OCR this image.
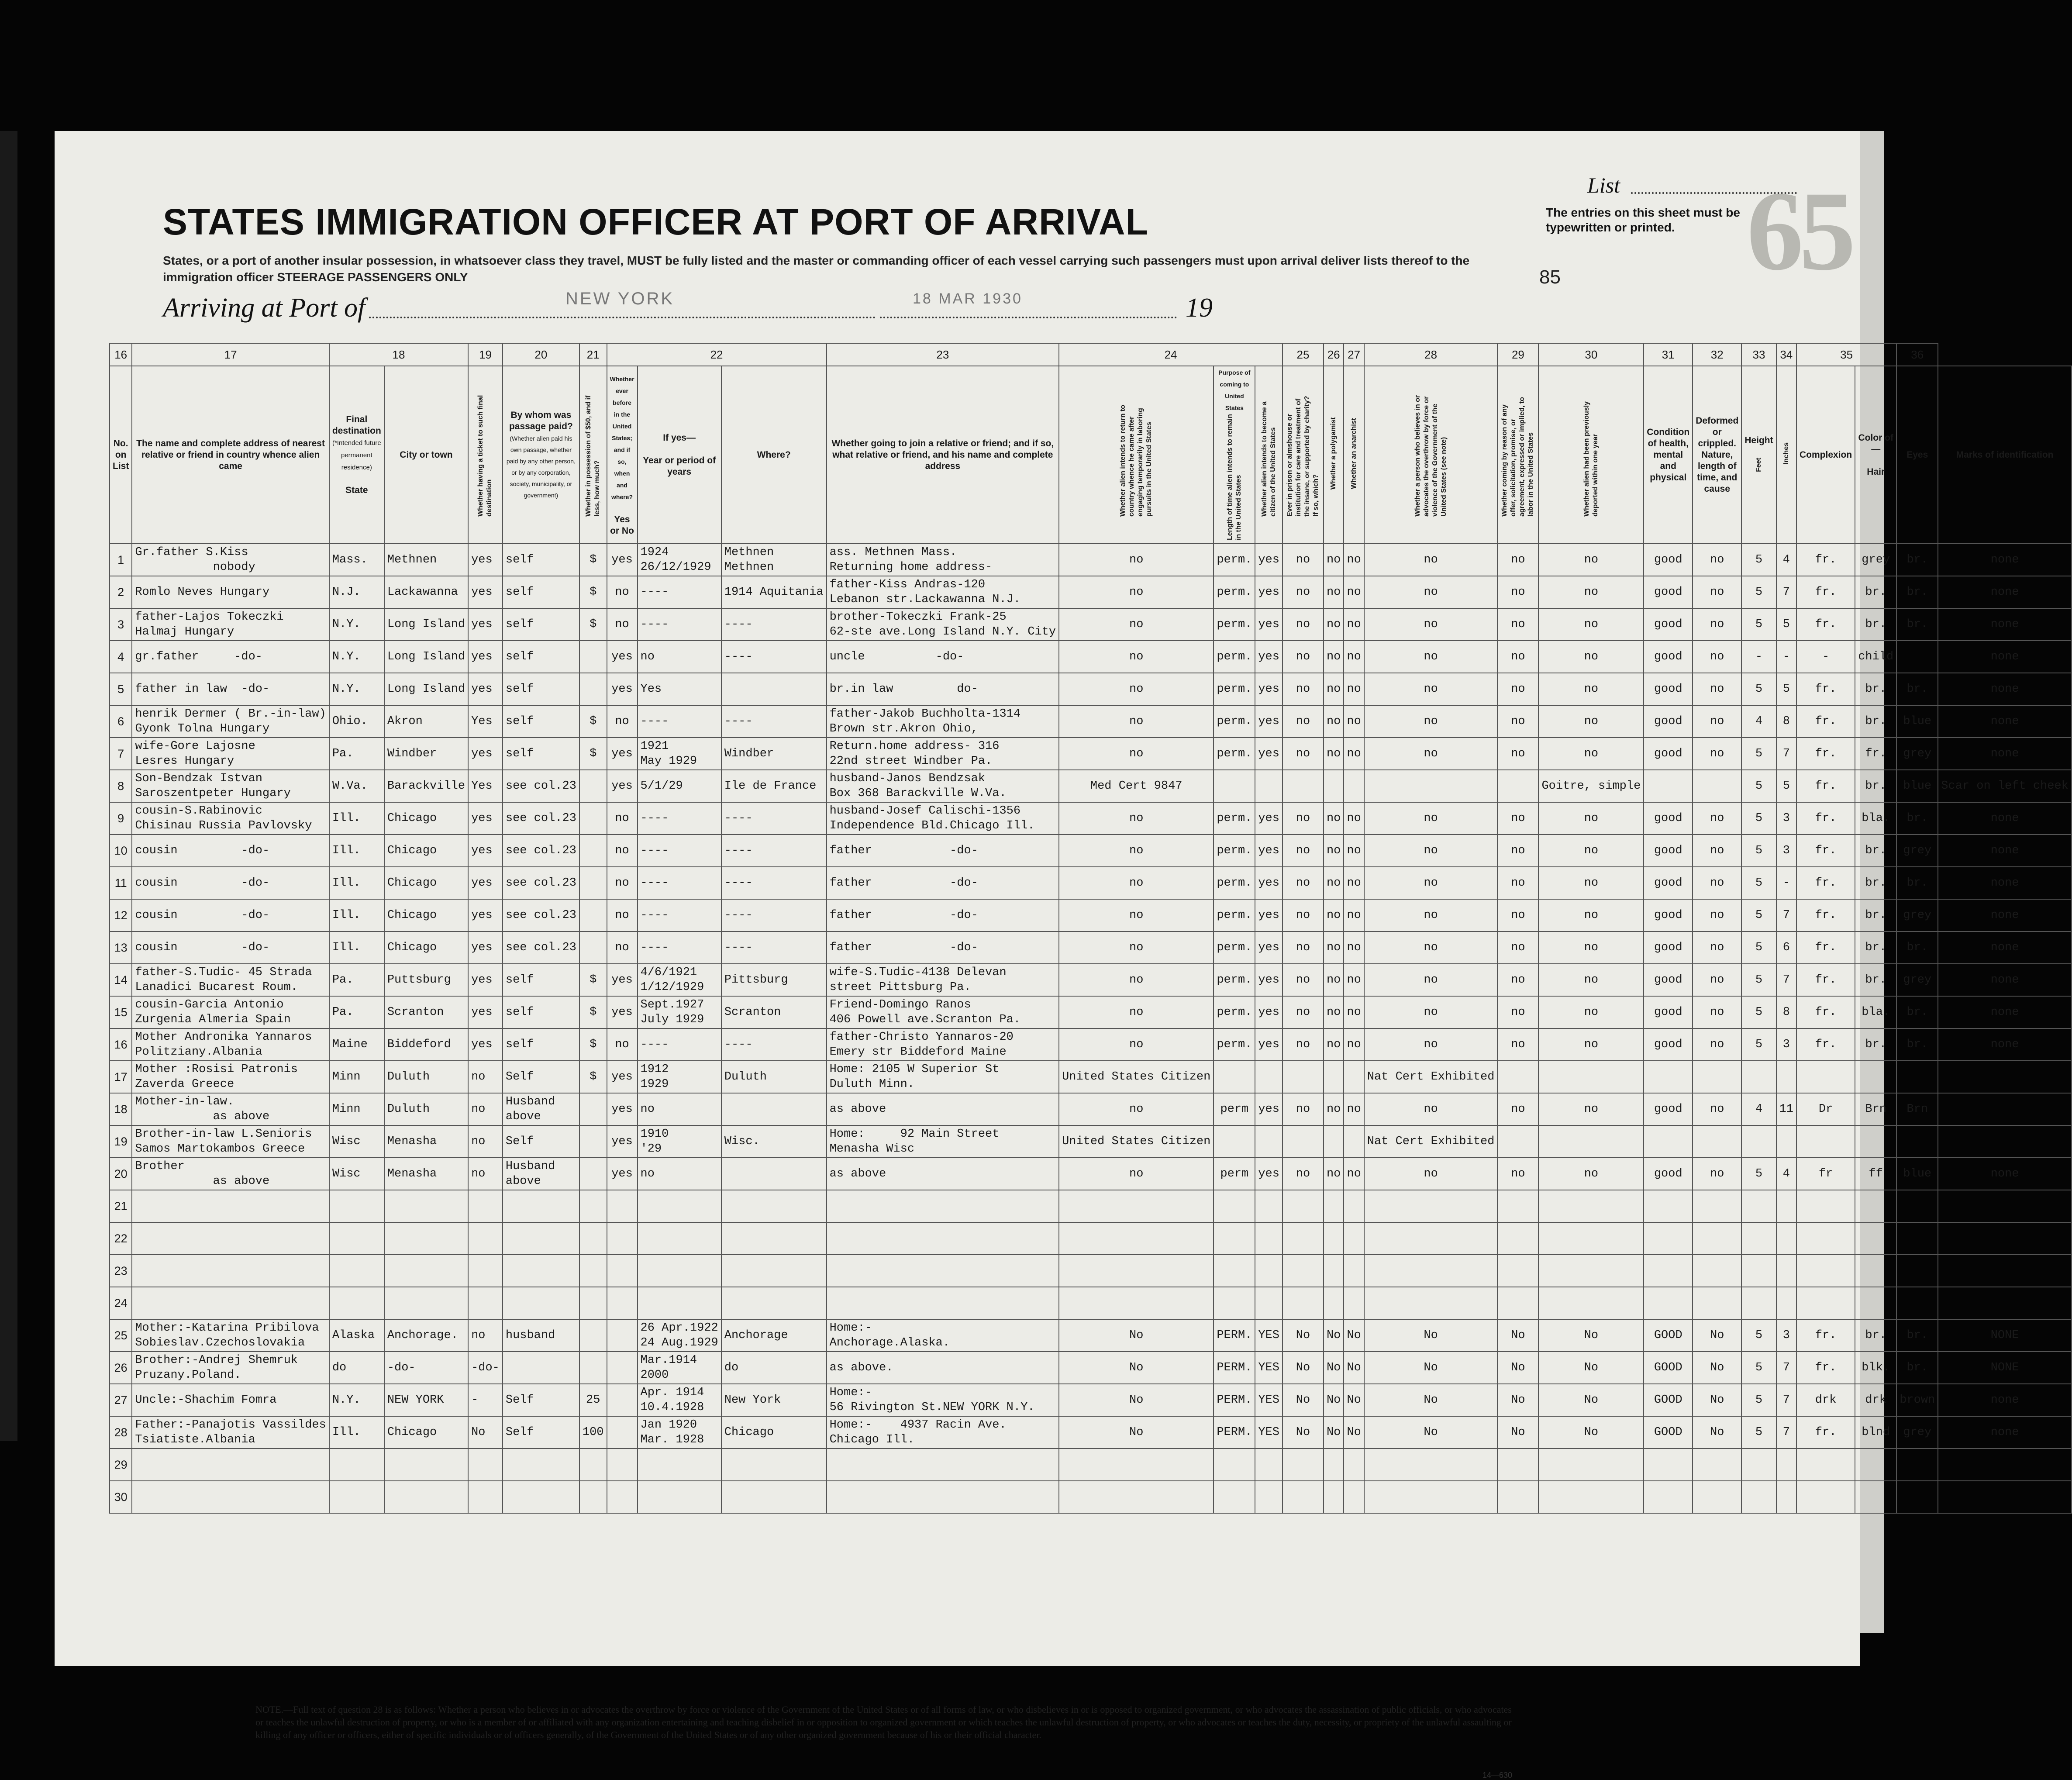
65
STATES IMMIGRATION OFFICER AT PORT OF ARRIVAL

States, or a port of another insular possession, in whatsoever class they travel, MUST be fully listed and the master or commanding officer of each vessel carrying such passengers must upon arrival deliver lists thereof to the immigration officer STEERAGE PASSENGERS ONLY

List

The entries on this sheet must be typewritten or printed.

85
Arriving at Port of	NEW YORK	18 MAR 1930	19
16	17	18		19	20	21	22			23	24			25	26	27	28	29	30	31	32	33	34	35		36	
No. on List	The name and complete address of nearest relative or friend in country whence alien came	Final destination
(*Intended future permanent residence)

State	City or town	Whether having a ticket to such final destination	By whom was passage paid?
(Whether alien paid his own passage, whether paid by any other person, or by any corporation, society, municipality, or government)	Whether in possession of $50, and if less, how much?	Whether ever before in the United States; and if so, when and where?

Yes or No	If yes—

Year or period of years	Where?	Whether going to join a relative or friend; and if so, what relative or friend, and his name and complete address	Whether alien intends to return to country whence he came after engaging temporarily in laboring pursuits in the United States	Purpose of coming to United States
Length of time alien intends to remain in the United States	Whether alien intends to become a citizen of the United States	Ever in prison or almshouse or institution for care and treatment of the insane, or supported by charity? If so, which?	Whether a polygamist	Whether an anarchist	Whether a person who believes in or advocates the overthrow by force or violence of the Government of the United States (see note)	Whether coming by reason of any offer, solicitation, promise, or agreement, expressed or implied, to labor in the United States	Whether alien had been previously deported within one year	Condition of health, mental and physical	Deformed or crippled. Nature, length of time, and cause	Height

Feet	Inches	Complexion	Color of—

Hair	Eyes	Marks of identification
1	Gr.father S.Kiss
nobody	Mass.	Methnen	yes	self	$	yes	1924
26/12/1929	Methnen
Methnen	ass. Methnen Mass.
Returning home address-	no	perm.	yes	no	no	no	no	no	no	good	no	5	4	fr.	grey	br.	none
2	Romlo Neves Hungary	N.J.	Lackawanna	yes	self	$	no	----	1914 Aquitania	father-Kiss Andras-120
Lebanon str.Lackawanna N.J.	no	perm.	yes	no	no	no	no	no	no	good	no	5	7	fr.	br.	br.	none
3	father-Lajos Tokeczki
Halmaj Hungary	N.Y.	Long Island	yes	self	$	no	----	----	brother-Tokeczki Frank-25
62-ste ave.Long Island N.Y. City	no	perm.	yes	no	no	no	no	no	no	good	no	5	5	fr.	br.	br.	none
4	gr.father     -do-	N.Y.	Long Island	yes	self		yes	no	----	uncle          -do-	no	perm.	yes	no	no	no	no	no	no	good	no	-	-	-	child		none
5	father in law  -do-	N.Y.	Long Island	yes	self		yes	Yes		br.in law         do-	no	perm.	yes	no	no	no	no	no	no	good	no	5	5	fr.	br.	br.	none
6	henrik Dermer ( Br.-in-law)
Gyonk Tolna Hungary	Ohio.	Akron	Yes	self	$	no	----	----	father-Jakob Buchholta-1314
Brown str.Akron Ohio,	no	perm.	yes	no	no	no	no	no	no	good	no	4	8	fr.	br.	blue	none
7	wife-Gore Lajosne
Lesres Hungary	Pa.	Windber	yes	self	$	yes	1921
May 1929	Windber	Return.home address- 316
22nd street Windber Pa.	no	perm.	yes	no	no	no	no	no	no	good	no	5	7	fr.	fr.	grey	none
8	Son-Bendzak Istvan
Saroszentpeter Hungary	W.Va.	Barackville	Yes	see col.23		yes	5/1/29	Ile de France	husband-Janos Bendzsak
Box 368 Barackville W.Va.	Med Cert 9847								Goitre, simple			5	5	fr.	br.	blue	Scar on left cheek
9	cousin-S.Rabinovic
Chisinau Russia Pavlovsky	Ill.	Chicago	yes	see col.23		no	----	----	husband-Josef Calischi-1356
Independence Bld.Chicago Ill.	no	perm.	yes	no	no	no	no	no	no	good	no	5	3	fr.	bla.	br.	none
10	cousin         -do-	Ill.	Chicago	yes	see col.23		no	----	----	father           -do-	no	perm.	yes	no	no	no	no	no	no	good	no	5	3	fr.	br.	grey	none
11	cousin         -do-	Ill.	Chicago	yes	see col.23		no	----	----	father           -do-	no	perm.	yes	no	no	no	no	no	no	good	no	5	-	fr.	br.	br.	none
12	cousin         -do-	Ill.	Chicago	yes	see col.23		no	----	----	father           -do-	no	perm.	yes	no	no	no	no	no	no	good	no	5	7	fr.	br.	grey	none
13	cousin         -do-	Ill.	Chicago	yes	see col.23		no	----	----	father           -do-	no	perm.	yes	no	no	no	no	no	no	good	no	5	6	fr.	br.	br.	none
14	father-S.Tudic- 45 Strada
Lanadici Bucarest Roum.	Pa.	Puttsburg	yes	self	$	yes	4/6/1921
1/12/1929	Pittsburg	wife-S.Tudic-4138 Delevan
street Pittsburg Pa.	no	perm.	yes	no	no	no	no	no	no	good	no	5	7	fr.	br.	grey	none
15	cousin-Garcia Antonio
Zurgenia Almeria Spain	Pa.	Scranton	yes	self	$	yes	Sept.1927
July 1929	Scranton	Friend-Domingo Ranos
406 Powell ave.Scranton Pa.	no	perm.	yes	no	no	no	no	no	no	good	no	5	8	fr.	bla.	br.	none
16	Mother Andronika Yannaros
Politziany.Albania	Maine	Biddeford	yes	self	$	no	----	----	father-Christo Yannaros-20
Emery str Biddeford Maine	no	perm.	yes	no	no	no	no	no	no	good	no	5	3	fr.	br.	br.	none
17	Mother :Rosisi Patronis
Zaverda Greece	Minn	Duluth	no	Self	$	yes	1912
1929	Duluth	Home: 2105 W Superior St
Duluth Minn.	United States Citizen						Nat Cert Exhibited										
18	Mother-in-law.
as above	Minn	Duluth	no	Husband
above		yes	no		as above	no	perm	yes	no	no	no	no	no	no	good	no	4	11	Dr	Brn	Brn	
19	Brother-in-law L.Senioris
Samos Martokambos Greece	Wisc	Menasha	no	Self		yes	1910
'29	Wisc.	Home:     92 Main Street
Menasha Wisc	United States Citizen						Nat Cert Exhibited										
20	Brother
as above	Wisc	Menasha	no	Husband
above		yes	no		as above	no	perm	yes	no	no	no	no	no	no	good	no	5	4	fr	ff	blue	none
21																											
22																											
23																											
24																											
25	Mother:-Katarina Pribilova
Sobieslav.Czechoslovakia	Alaska	Anchorage.	no	husband			26 Apr.1922
24 Aug.1929	Anchorage	Home:-
Anchorage.Alaska.	No	PERM.	YES	No	No	No	No	No	No	GOOD	No	5	3	fr.	br.	br.	NONE
26	Brother:-Andrej Shemruk
Pruzany.Poland.	do	-do-	-do-				Mar.1914
2000	do	as above.	No	PERM.	YES	No	No	No	No	No	No	GOOD	No	5	7	fr.	blk.	br.	NONE
27	Uncle:-Shachim Fomra	N.Y.	NEW YORK	-	Self	25		Apr. 1914
10.4.1928	New York	Home:-
56 Rivington St.NEW YORK N.Y.	No	PERM.	YES	No	No	No	No	No	No	GOOD	No	5	7	drk	drk	brown	none
28	Father:-Panajotis Vassildes
Tsiatiste.Albania	Ill.	Chicago	No	Self	100		Jan 1920
Mar. 1928	Chicago	Home:-    4937 Racin Ave.
Chicago Ill.	No	PERM.	YES	No	No	No	No	No	No	GOOD	No	5	7	fr.	blnd	grey	none
29																											
30																											

NOTE.—Full text of question 28 is as follows: Whether a person who believes in or advocates the overthrow by force or violence of the Government of the United States or of all forms of law, or who disbelieves in or is opposed to organized government, or who advocates the assassination of public officials, or who advocates or teaches the unlawful destruction of property, or who is a member of or affiliated with any organization entertaining and teaching disbelief in or opposition to organized government or which teaches the unlawful destruction of property, or who advocates or teaches the duty, necessity, or propriety of the unlawful assaulting or killing of any officer or officers, either of specific individuals or of officers generally, of the Government of the United States or of any other organized government because of his or their official character.

14—630
